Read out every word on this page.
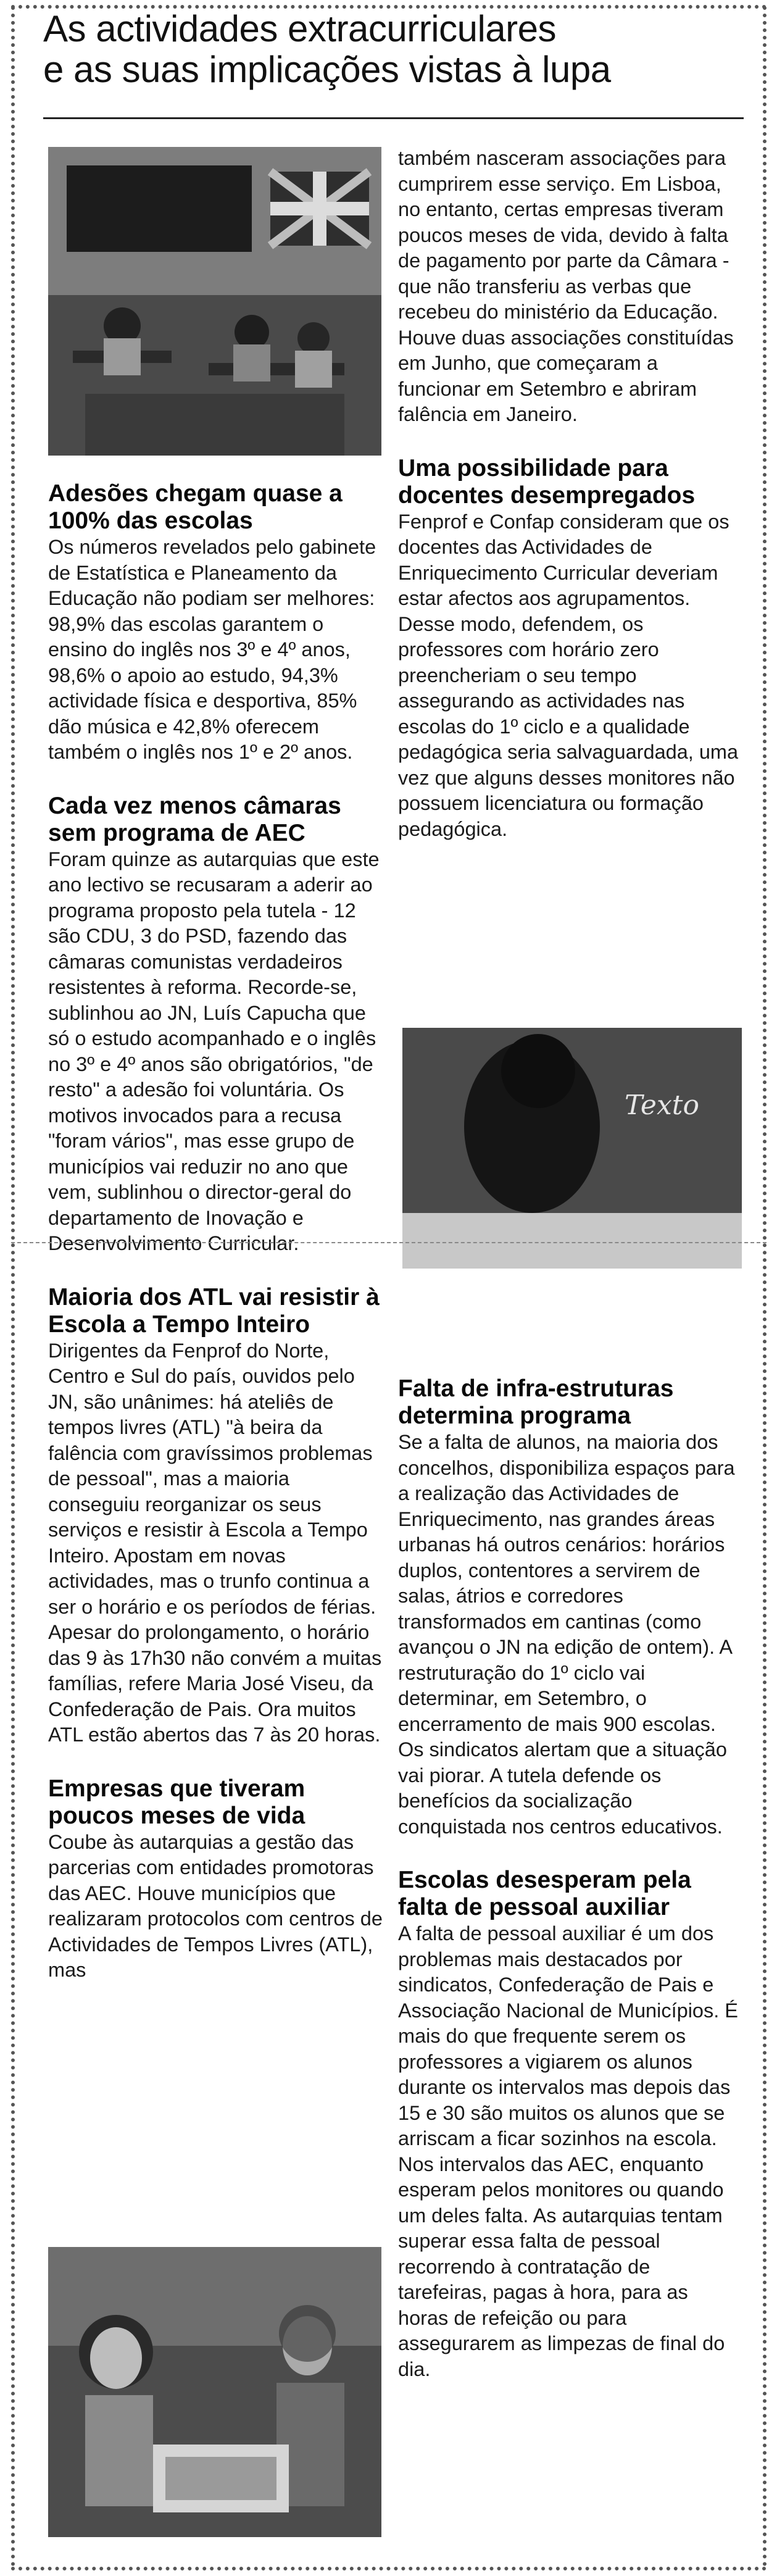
As actividades extracurriculares
e as suas implicações vistas à lupa
Adesões chegam quase a 100% das escolas

Os números revelados pelo gabinete de Estatística e Planeamento da Educação não podiam ser melhores: 98,9% das escolas garantem o ensino do inglês nos 3º e 4º anos, 98,6% o apoio ao estudo, 94,3% actividade física e desportiva, 85% dão música e 42,8% oferecem também o inglês nos 1º e 2º anos.

Cada vez menos câmaras sem programa de AEC

Foram quinze as autarquias que este ano lectivo se recusaram a aderir ao programa proposto pela tutela - 12 são CDU, 3 do PSD, fazendo das câmaras comunistas verdadeiros resistentes à reforma. Recorde-se, sublinhou ao JN, Luís Capucha que só o estudo acompanhado e o inglês no 3º e 4º anos são obrigatórios, "de resto" a adesão foi voluntária. Os motivos invocados para a recusa "foram vários", mas esse grupo de municípios vai reduzir no ano que vem, sublinhou o director-geral do departamento de Inovação e Desenvolvimento Curricular.

Maioria dos ATL vai resistir à Escola a Tempo Inteiro

Dirigentes da Fenprof do Norte, Centro e Sul do país, ouvidos pelo JN, são unânimes: há ateliês de tempos livres (ATL) "à beira da falência com gravíssimos problemas de pessoal", mas a maioria conseguiu reorganizar os seus serviços e resistir à Escola a Tempo Inteiro. Apostam em novas actividades, mas o trunfo continua a ser o horário e os períodos de férias. Apesar do prolongamento, o horário das 9 às 17h30 não convém a muitas famílias, refere Maria José Viseu, da Confederação de Pais. Ora muitos ATL estão abertos das 7 às 20 horas.

Empresas que tiveram poucos meses de vida

Coube às autarquias a gestão das parcerias com entidades promotoras das AEC. Houve municípios que realizaram protocolos com centros de Actividades de Tempos Livres (ATL), mas

também nasceram associações para cumprirem esse serviço. Em Lisboa, no entanto, certas empresas tiveram poucos meses de vida, devido à falta de pagamento por parte da Câmara - que não transferiu as verbas que recebeu do ministério da Educação. Houve duas associações constituídas em Junho, que começaram a funcionar em Setembro e abriram falência em Janeiro.

Uma possibilidade para docentes desempregados

Fenprof e Confap consideram que os docentes das Actividades de Enriquecimento Curricular deveriam estar afectos aos agrupamentos. Desse modo, defendem, os professores com horário zero preencheriam o seu tempo assegurando as actividades nas escolas do 1º ciclo e a qualidade pedagógica seria salvaguardada, uma vez que alguns desses monitores não possuem licenciatura ou formação pedagógica.

Texto
Falta de infra-estruturas determina programa

Se a falta de alunos, na maioria dos concelhos, disponibiliza espaços para a realização das Actividades de Enriquecimento, nas grandes áreas urbanas há outros cenários: horários duplos, contentores a servirem de salas, átrios e corredores transformados em cantinas (como avançou o JN na edição de ontem). A restruturação do 1º ciclo vai determinar, em Setembro, o encerramento de mais 900 escolas. Os sindicatos alertam que a situação vai piorar. A tutela defende os benefícios da socialização conquistada nos centros educativos.

Escolas desesperam pela falta de pessoal auxiliar

A falta de pessoal auxiliar é um dos problemas mais destacados por sindicatos, Confederação de Pais e Associação Nacional de Municípios. É mais do que frequente serem os professores a vigiarem os alunos durante os intervalos mas depois das 15 e 30 são muitos os alunos que se arriscam a ficar sozinhos na escola. Nos intervalos das AEC, enquanto esperam pelos monitores ou quando um deles falta. As autarquias tentam superar essa falta de pessoal recorrendo à contratação de tarefeiras, pagas à hora, para as horas de refeição ou para assegurarem as limpezas de final do dia.
